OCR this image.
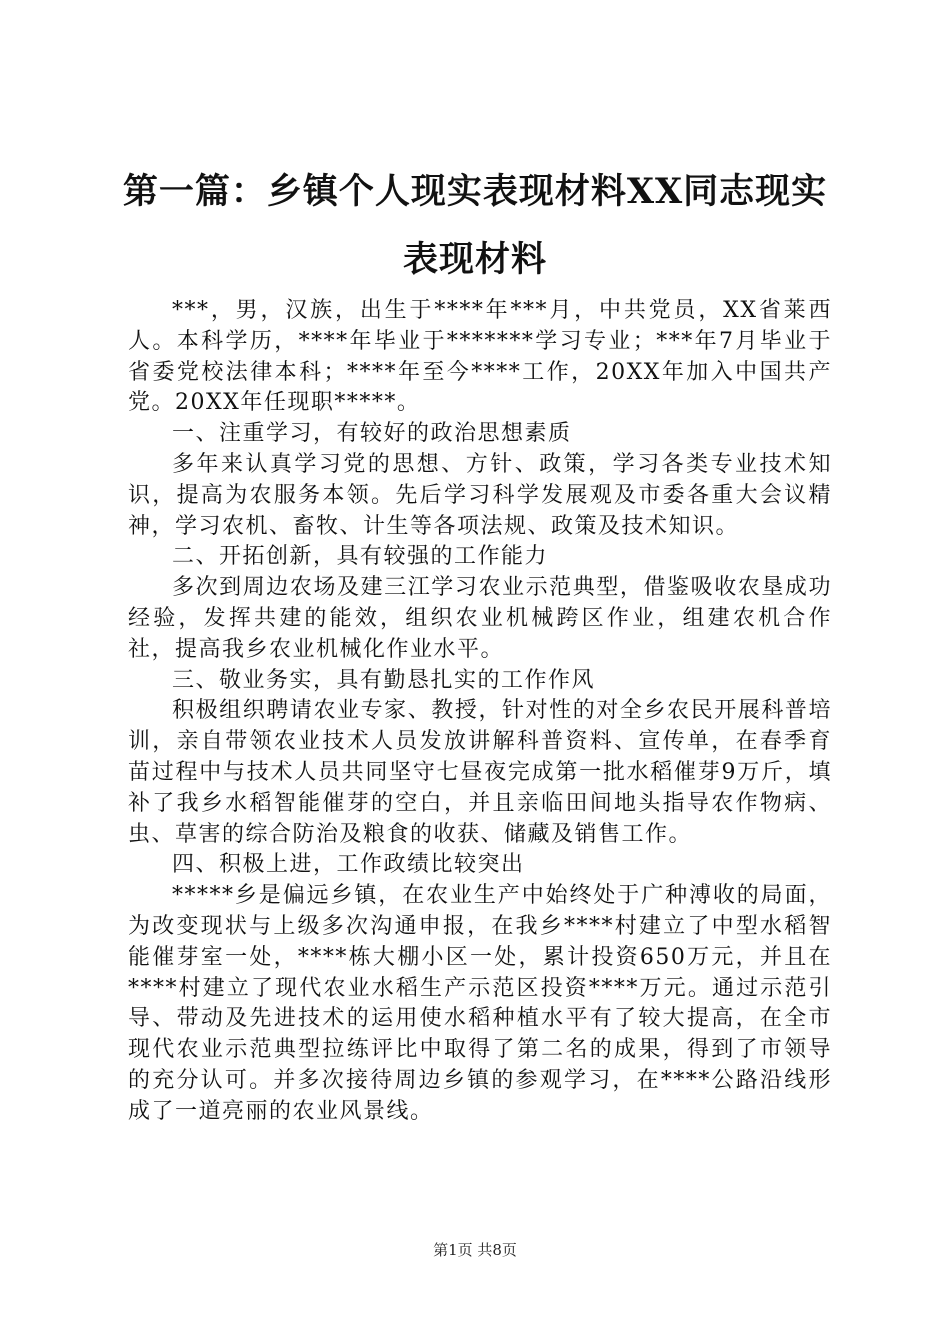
第一篇：乡镇个人现实表现材料XX同志现实表现材料

***，男，汉族，出生于****年***月，中共党员，XX省莱西人。本科学历，****年毕业于*******学习专业；***年7月毕业于省委党校法律本科；****年至今****工作，20XX年加入中国共产党。20XX年任现职*****。

一、注重学习，有较好的政治思想素质

多年来认真学习党的思想、方针、政策，学习各类专业技术知识，提高为农服务本领。先后学习科学发展观及市委各重大会议精神，学习农机、畜牧、计生等各项法规、政策及技术知识。

二、开拓创新，具有较强的工作能力

多次到周边农场及建三江学习农业示范典型，借鉴吸收农垦成功经验，发挥共建的能效，组织农业机械跨区作业，组建农机合作社，提高我乡农业机械化作业水平。

三、敬业务实，具有勤恳扎实的工作作风

积极组织聘请农业专家、教授，针对性的对全乡农民开展科普培训，亲自带领农业技术人员发放讲解科普资料、宣传单，在春季育苗过程中与技术人员共同坚守七昼夜完成第一批水稻催芽9万斤，填补了我乡水稻智能催芽的空白，并且亲临田间地头指导农作物病、虫、草害的综合防治及粮食的收获、储藏及销售工作。

四、积极上进，工作政绩比较突出

*****乡是偏远乡镇，在农业生产中始终处于广种溥收的局面，为改变现状与上级多次沟通申报，在我乡****村建立了中型水稻智能催芽室一处，****栋大棚小区一处，累计投资650万元，并且在****村建立了现代农业水稻生产示范区投资****万元。通过示范引导、带动及先进技术的运用使水稻种植水平有了较大提高，在全市现代农业示范典型拉练评比中取得了第二名的成果，得到了市领导的充分认可。并多次接待周边乡镇的参观学习，在****公路沿线形成了一道亮丽的农业风景线。

第1页 共8页
